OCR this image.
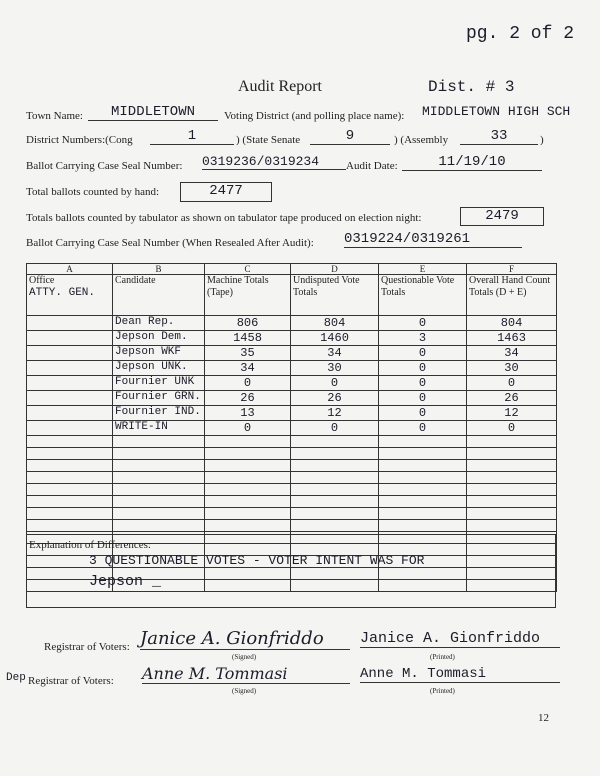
pg. 2 of 2
Audit Report	Dist. # 3
Town Name:	MIDDLETOWN	Voting District (and polling place name): MIDDLETOWN HIGH SCH
District Numbers:(Cong	1	) (State Senate	9	) (Assembly	33	)
Ballot Carrying Case Seal Number: 0319236/0319234	Audit Date:	11/19/10
Total ballots counted by hand:	2477
Totals ballots counted by tabulator as shown on tabulator tape produced on election night:	2479
Ballot Carrying Case Seal Number (When Resealed After Audit): 0319224/0319261
A	B	C	D	E	F
Office
ATTY. GEN.	Candidate	Machine Totals (Tape)	Undisputed Vote Totals	Questionable Vote Totals	Overall Hand Count Totals (D + E)
	Dean Rep.	806	804	0	804
	Jepson Dem.	1458	1460	3	1463
	Jepson WKF	35	34	0	34
	Jepson UNK.	34	30	0	30
	Fournier UNK	0	0	0	0
	Fournier GRN.	26	26	0	26
	Fournier IND.	13	12	0	12
	WRITE-IN	0	0	0	0

Explanation of Differences:
3 QUESTIONABLE VOTES - VOTER INTENT WAS FOR
Jepson _
Registrar of Voters: Janice A. Gionfriddo
(Signed)
Janice A. Gionfriddo
(Printed)
Dep Registrar of Voters: Anne M. Tommasi
(Signed)
Anne M. Tommasi
(Printed)
12
